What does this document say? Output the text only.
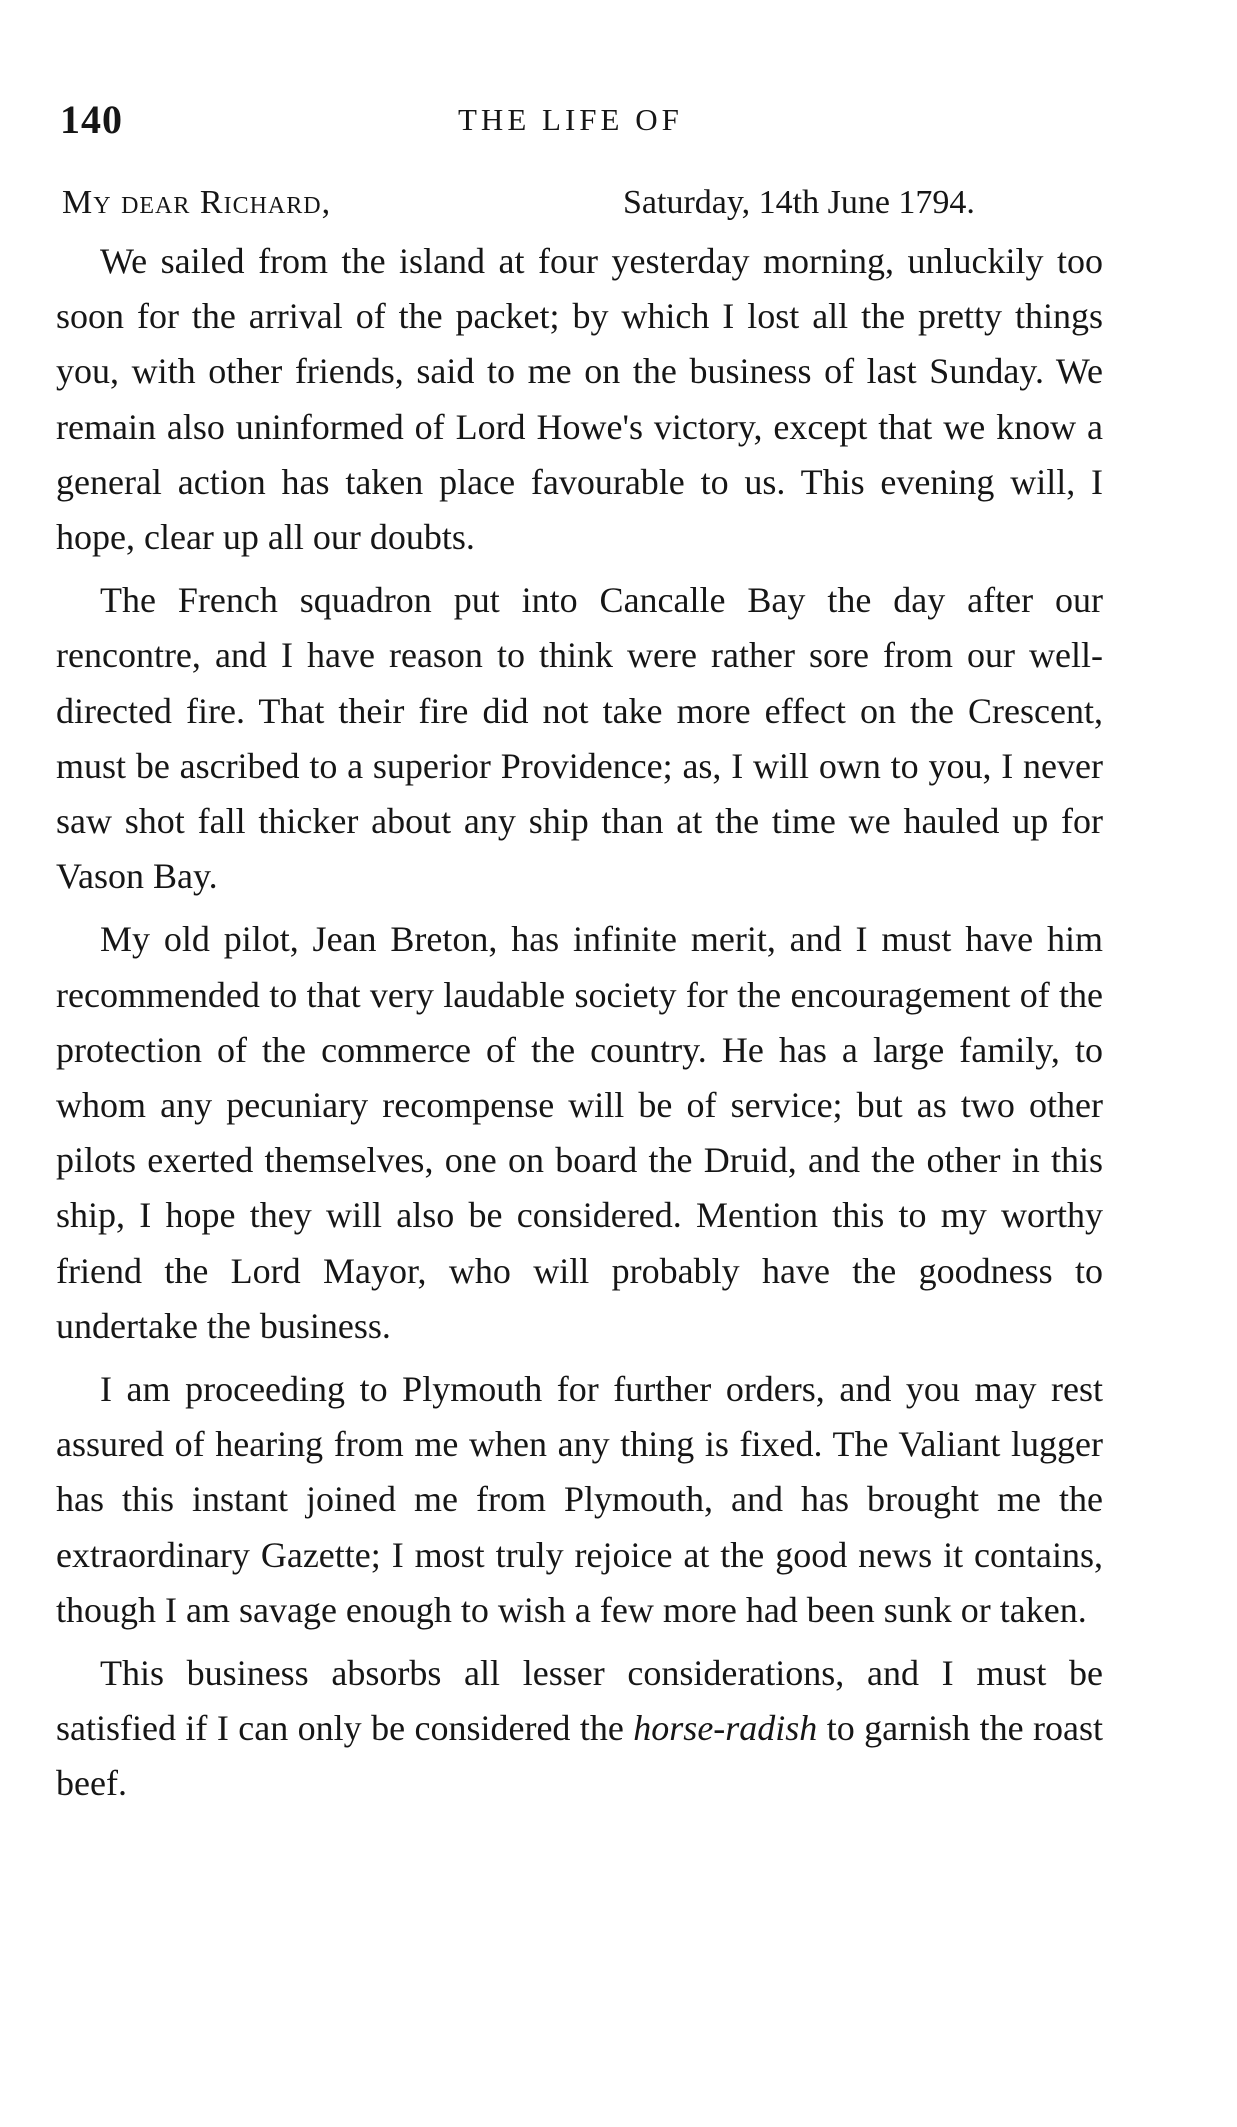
140	THE LIFE OF
My dear Richard,	Saturday, 14th June 1794.

We sailed from the island at four yesterday morning, unluckily too soon for the arrival of the packet; by which I lost all the pretty things you, with other friends, said to me on the business of last Sunday. We remain also uninformed of Lord Howe's victory, except that we know a general action has taken place favourable to us. This evening will, I hope, clear up all our doubts.

The French squadron put into Cancalle Bay the day after our rencontre, and I have reason to think were rather sore from our well-directed fire. That their fire did not take more effect on the Crescent, must be ascribed to a superior Providence; as, I will own to you, I never saw shot fall thicker about any ship than at the time we hauled up for Vason Bay.

My old pilot, Jean Breton, has infinite merit, and I must have him recommended to that very laudable society for the encouragement of the protection of the commerce of the country. He has a large family, to whom any pecuniary recompense will be of service; but as two other pilots exerted themselves, one on board the Druid, and the other in this ship, I hope they will also be considered. Mention this to my worthy friend the Lord Mayor, who will probably have the goodness to undertake the business.

I am proceeding to Plymouth for further orders, and you may rest assured of hearing from me when any thing is fixed. The Valiant lugger has this instant joined me from Plymouth, and has brought me the extraordinary Gazette; I most truly rejoice at the good news it contains, though I am savage enough to wish a few more had been sunk or taken.

This business absorbs all lesser considerations, and I must be satisfied if I can only be considered the horse-radish to garnish the roast beef.
